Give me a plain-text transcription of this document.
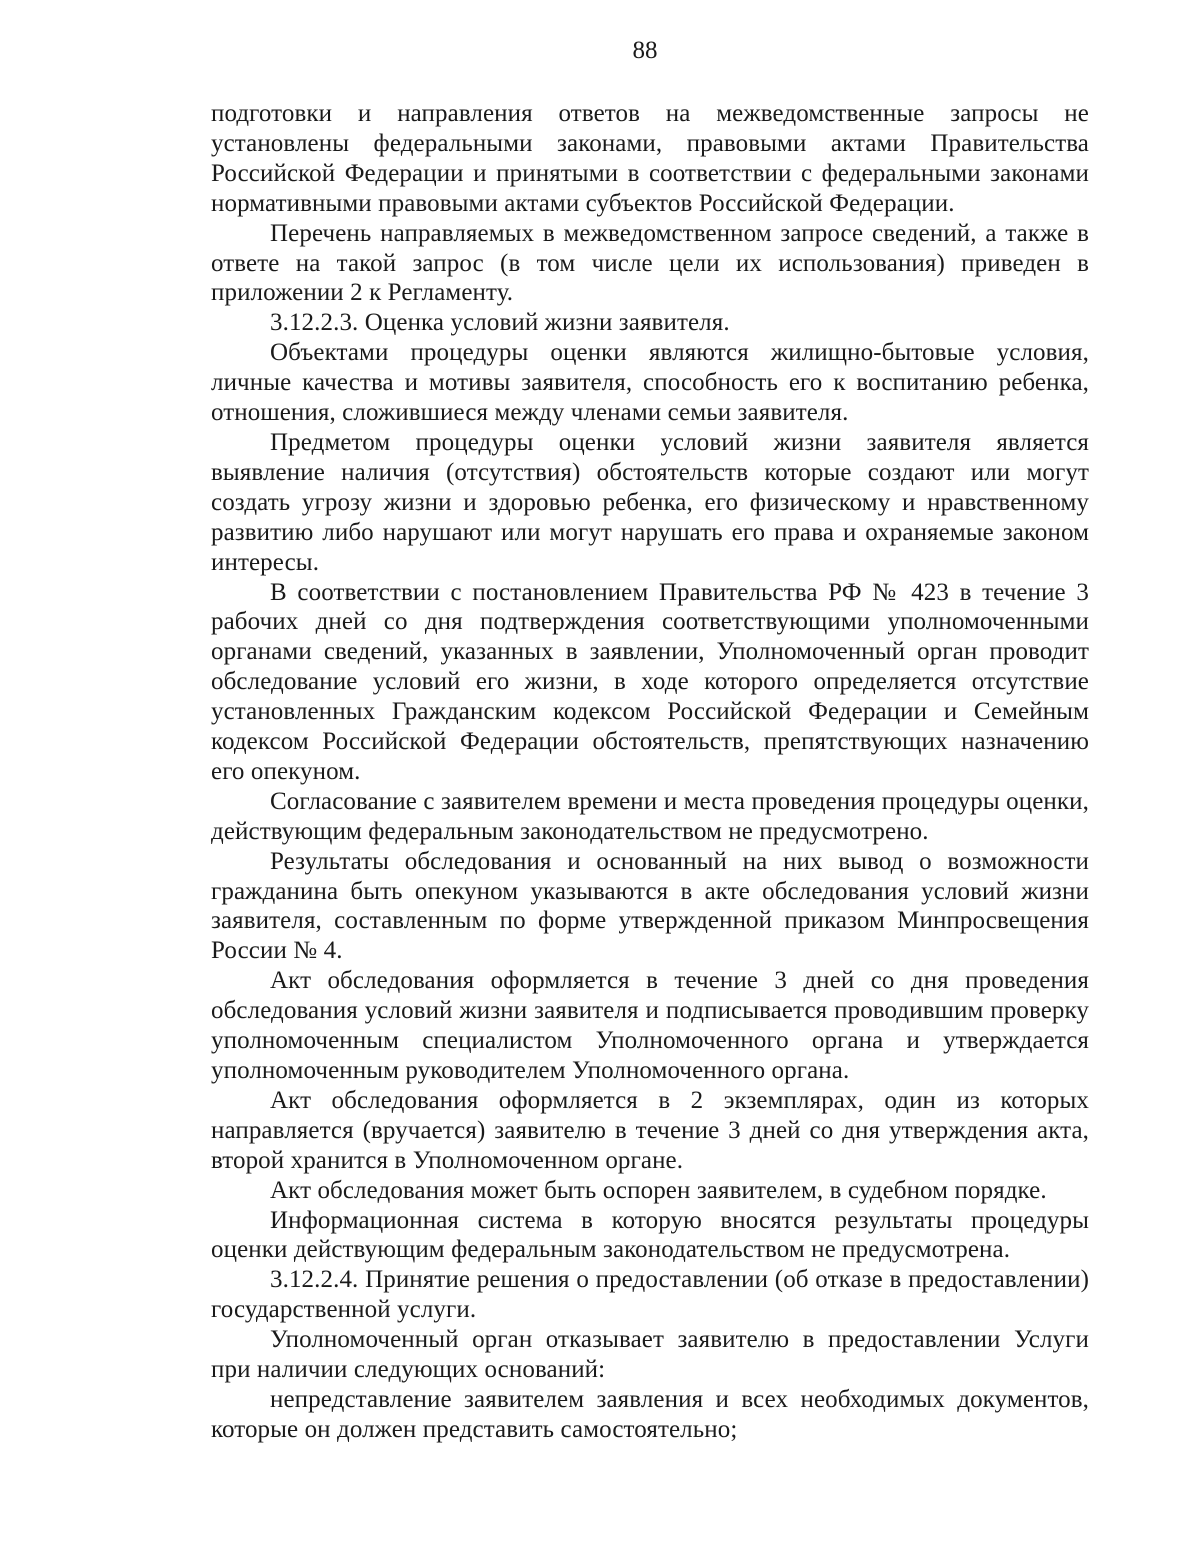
88

подготовки и направления ответов на межведомственные запросы не установлены федеральными законами, правовыми актами Правительства Российской Федерации и принятыми в соответствии с федеральными законами нормативными правовыми актами субъектов Российской Федерации.

Перечень направляемых в межведомственном запросе сведений, а также в ответе на такой запрос (в том числе цели их использования) приведен в приложении 2 к Регламенту.

3.12.2.3. Оценка условий жизни заявителя.

Объектами процедуры оценки являются жилищно-бытовые условия, личные качества и мотивы заявителя, способность его к воспитанию ребенка, отношения, сложившиеся между членами семьи заявителя.

Предметом процедуры оценки условий жизни заявителя является выявление наличия (отсутствия) обстоятельств которые создают или могут создать угрозу жизни и здоровью ребенка, его физическому и нравственному развитию либо нарушают или могут нарушать его права и охраняемые законом интересы.

В соответствии с постановлением Правительства РФ № 423 в течение 3 рабочих дней со дня подтверждения соответствующими уполномоченными органами сведений, указанных в заявлении, Уполномоченный орган проводит обследование условий его жизни, в ходе которого определяется отсутствие установленных Гражданским кодексом Российской Федерации и Семейным кодексом Российской Федерации обстоятельств, препятствующих назначению его опекуном.

Согласование с заявителем времени и места проведения процедуры оценки, действующим федеральным законодательством не предусмотрено.

Результаты обследования и основанный на них вывод о возможности гражданина быть опекуном указываются в акте обследования условий жизни заявителя, составленным по форме утвержденной приказом Минпросвещения России № 4.

Акт обследования оформляется в течение 3 дней со дня проведения обследования условий жизни заявителя и подписывается проводившим проверку уполномоченным специалистом Уполномоченного органа и утверждается уполномоченным руководителем Уполномоченного органа.

Акт обследования оформляется в 2 экземплярах, один из которых направляется (вручается) заявителю в течение 3 дней со дня утверждения акта, второй хранится в Уполномоченном органе.

Акт обследования может быть оспорен заявителем, в судебном порядке.

Информационная система в которую вносятся результаты процедуры оценки действующим федеральным законодательством не предусмотрена.

3.12.2.4. Принятие решения о предоставлении (об отказе в предоставлении) государственной услуги.

Уполномоченный орган отказывает заявителю в предоставлении Услуги при наличии следующих оснований:

непредставление заявителем заявления и всех необходимых документов, которые он должен представить самостоятельно;
